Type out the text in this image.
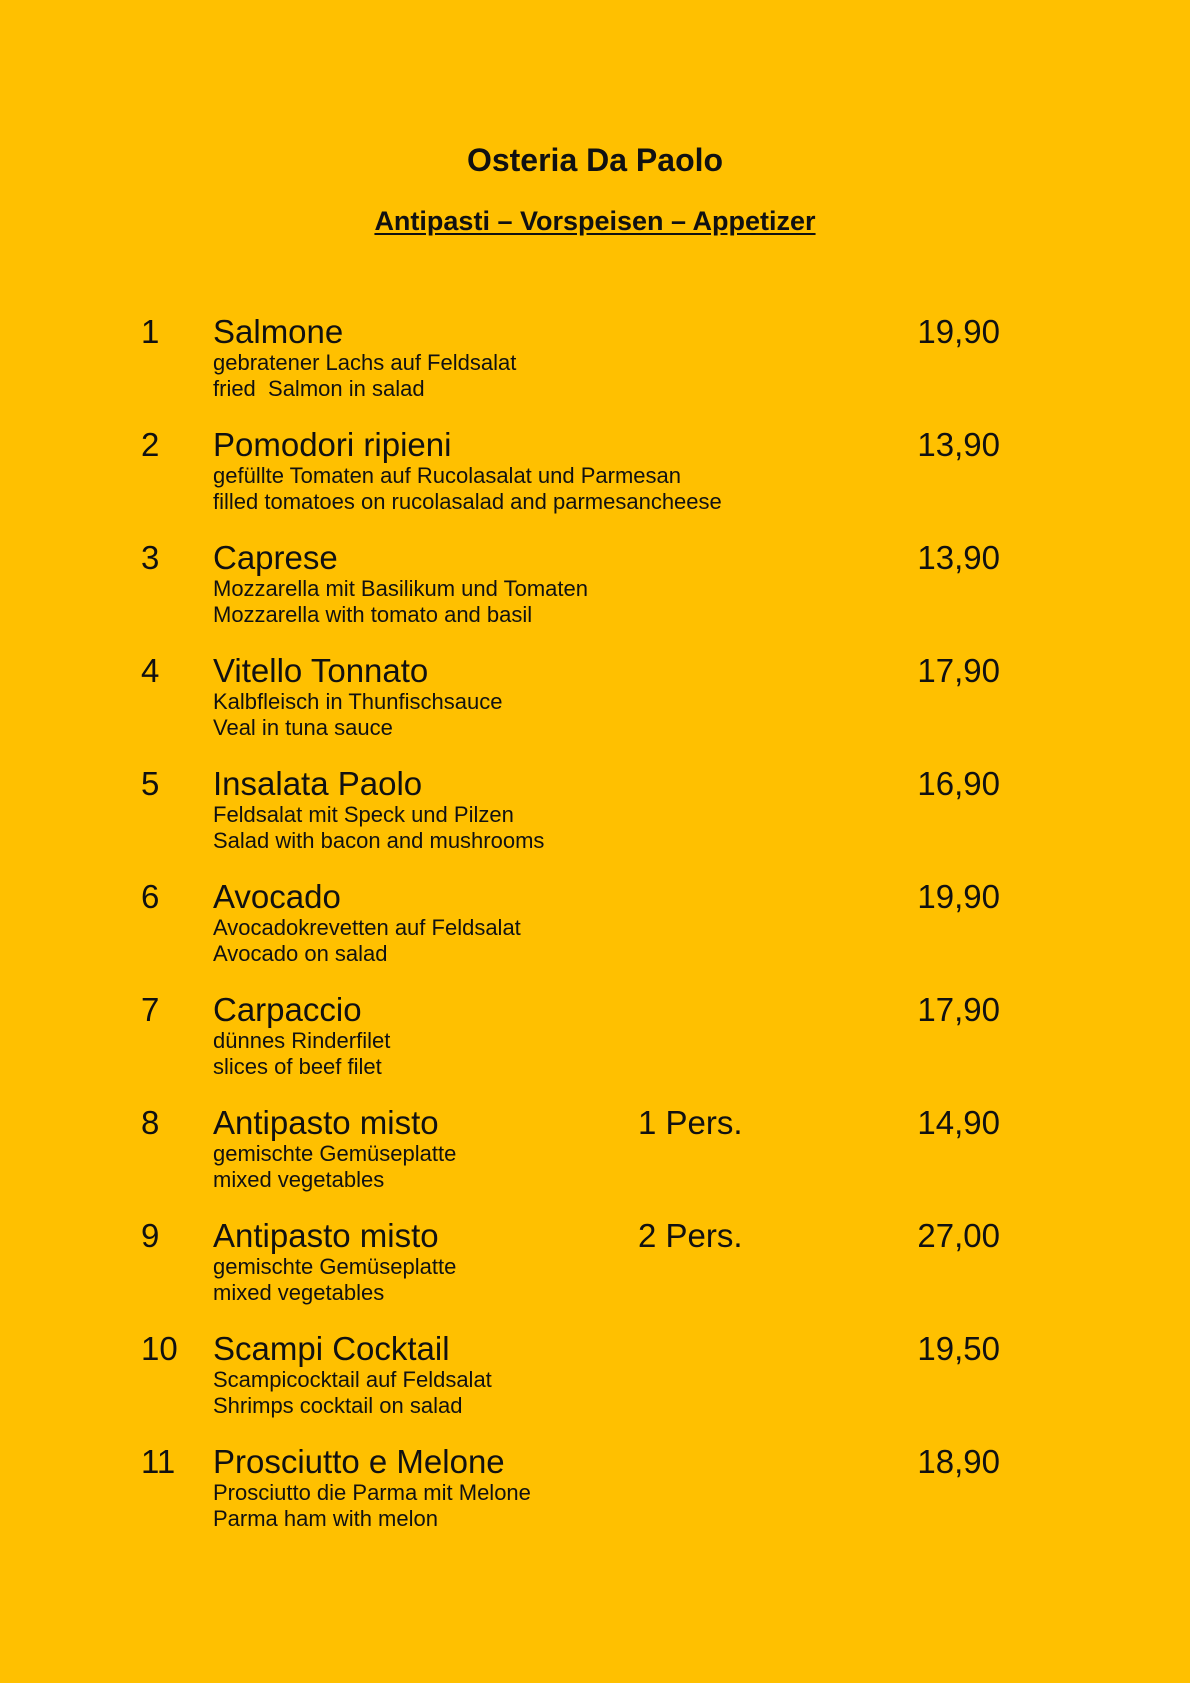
Osteria Da Paolo
Antipasti – Vorspeisen – Appetizer
1 Salmone	19,90
gebratener Lachs auf Feldsalat
fried  Salmon in salad
2 Pomodori ripieni	13,90
gefüllte Tomaten auf Rucolasalat und Parmesan
filled tomatoes on rucolasalad and parmesancheese
3 Caprese	13,90
Mozzarella mit Basilikum und Tomaten
Mozzarella with tomato and basil
4 Vitello Tonnato	17,90
Kalbfleisch in Thunfischsauce
Veal in tuna sauce
5 Insalata Paolo	16,90
Feldsalat mit Speck und Pilzen
Salad with bacon and mushrooms
6 Avocado	19,90
Avocadokrevetten auf Feldsalat
Avocado on salad
7 Carpaccio	17,90
dünnes Rinderfilet
slices of beef filet
8 Antipasto misto	1 Pers.	14,90
gemischte Gemüseplatte
mixed vegetables
9 Antipasto misto	2 Pers.	27,00
gemischte Gemüseplatte
mixed vegetables
10 Scampi Cocktail	19,50
Scampicocktail auf Feldsalat
Shrimps cocktail on salad
11 Prosciutto e Melone	18,90
Prosciutto die Parma mit Melone
Parma ham with melon
